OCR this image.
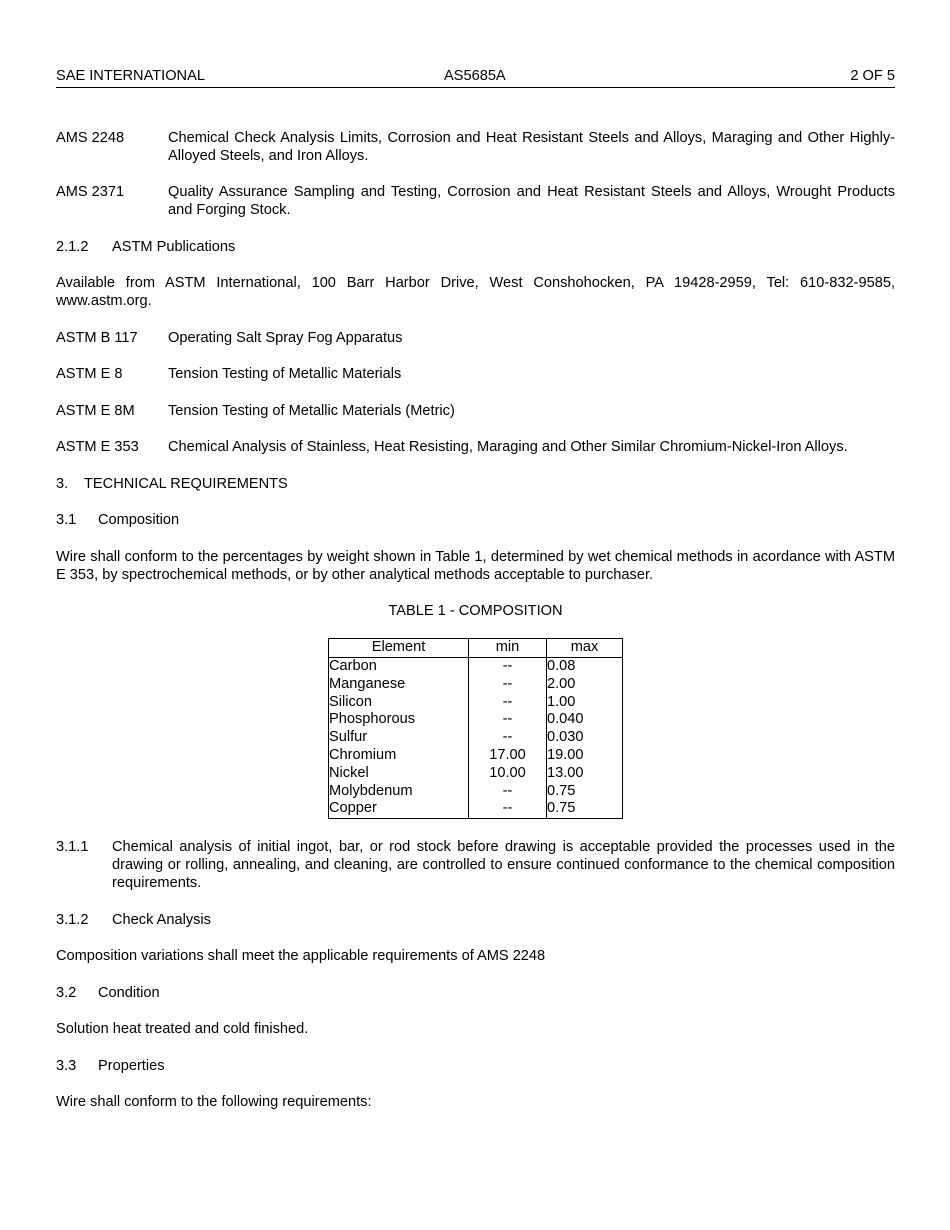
SAE INTERNATIONAL	AS5685A	2 OF 5
AMS 2248	Chemical Check Analysis Limits, Corrosion and Heat Resistant Steels and Alloys, Maraging and Other Highly-Alloyed Steels, and Iron Alloys.
AMS 2371	Quality Assurance Sampling and Testing, Corrosion and Heat Resistant Steels and Alloys, Wrought Products and Forging Stock.
2.1.2 ASTM Publications
Available from ASTM International, 100 Barr Harbor Drive, West Conshohocken, PA 19428-2959, Tel: 610-832-9585, www.astm.org.
ASTM B 117	Operating Salt Spray Fog Apparatus
ASTM E 8	Tension Testing of Metallic Materials
ASTM E 8M	Tension Testing of Metallic Materials (Metric)
ASTM E 353	Chemical Analysis of Stainless, Heat Resisting, Maraging and Other Similar Chromium-Nickel-Iron Alloys.
3. TECHNICAL REQUIREMENTS
3.1 Composition
Wire shall conform to the percentages by weight shown in Table 1, determined by wet chemical methods in acordance with ASTM E 353, by spectrochemical methods, or by other analytical methods acceptable to purchaser.
TABLE 1 - COMPOSITION
Element	min	max
Carbon	--	0.08
Manganese	--	2.00
Silicon	--	1.00
Phosphorous	--	0.040
Sulfur	--	0.030
Chromium	17.00	19.00
Nickel	10.00	13.00
Molybdenum	--	0.75
Copper	--	0.75
3.1.1	Chemical analysis of initial ingot, bar, or rod stock before drawing is acceptable provided the processes used in the drawing or rolling, annealing, and cleaning, are controlled to ensure continued conformance to the chemical composition requirements.
3.1.2 Check Analysis
Composition variations shall meet the applicable requirements of AMS 2248
3.2 Condition
Solution heat treated and cold finished.
3.3 Properties
Wire shall conform to the following requirements:
